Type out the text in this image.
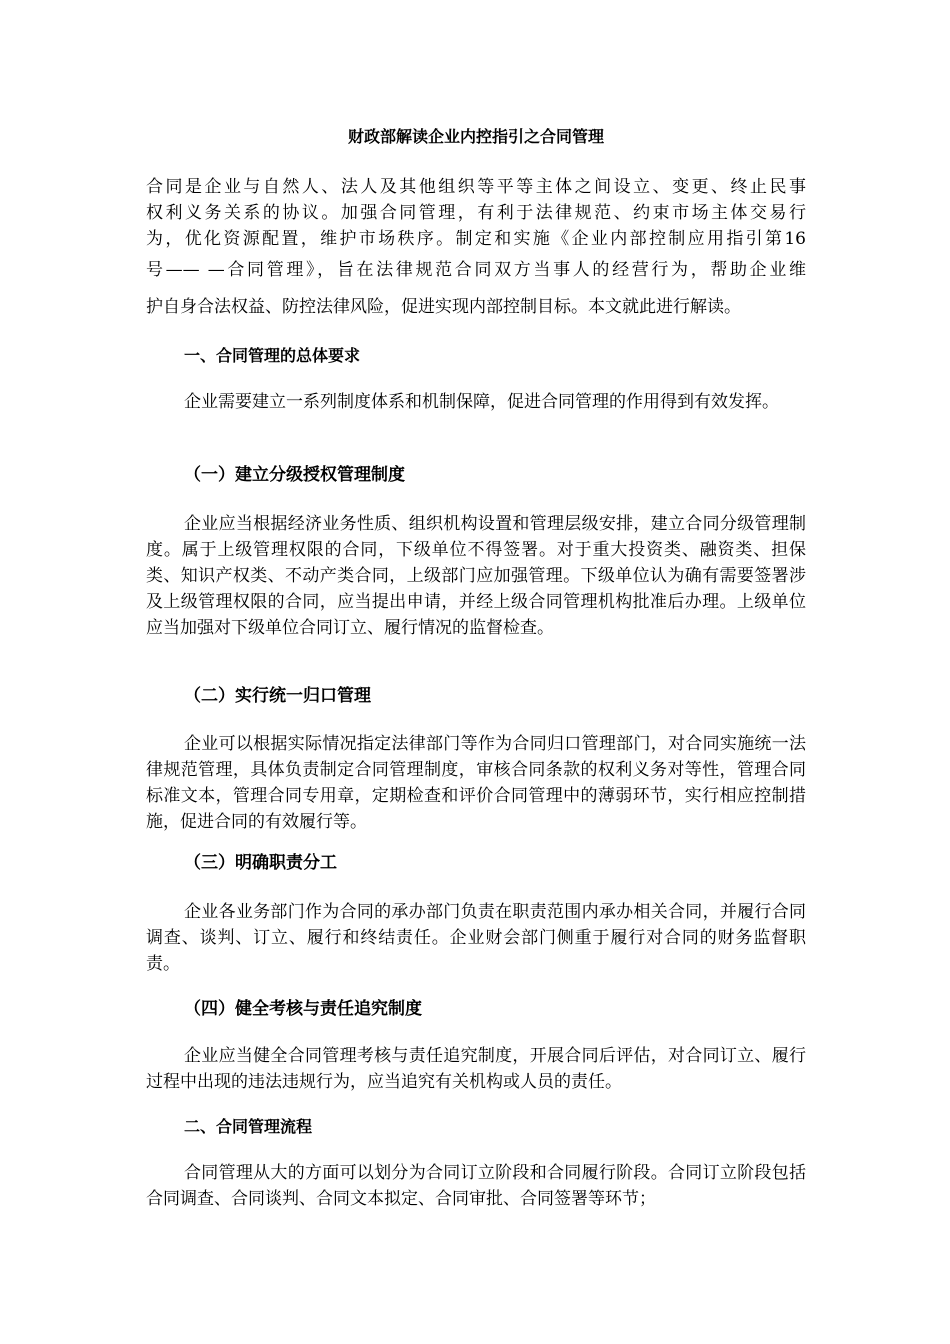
财政部解读企业内控指引之合同管理
合同是企业与自然人、法人及其他组织等平等主体之间设立、变更、终止民事
权利义务关系的协议。加强合同管理，有利于法律规范、约束市场主体交易行
为，优化资源配置，维护市场秩序。制定和实施《企业内部控制应用指引第16
号—— —合同管理》，旨在法律规范合同双方当事人的经营行为，帮助企业维
护自身合法权益、防控法律风险，促进实现内部控制目标。本文就此进行解读。
一、合同管理的总体要求

企业需要建立一系列制度体系和机制保障，促进合同管理的作用得到有效发挥。

（一）建立分级授权管理制度

企业应当根据经济业务性质、组织机构设置和管理层级安排，建立合同分级管理制度。属于上级管理权限的合同，下级单位不得签署。对于重大投资类、融资类、担保类、知识产权类、不动产类合同，上级部门应加强管理。下级单位认为确有需要签署涉及上级管理权限的合同，应当提出申请，并经上级合同管理机构批准后办理。上级单位应当加强对下级单位合同订立、履行情况的监督检查。

（二）实行统一归口管理

企业可以根据实际情况指定法律部门等作为合同归口管理部门，对合同实施统一法律规范管理，具体负责制定合同管理制度，审核合同条款的权利义务对等性，管理合同标准文本，管理合同专用章，定期检查和评价合同管理中的薄弱环节，实行相应控制措施，促进合同的有效履行等。

（三）明确职责分工

企业各业务部门作为合同的承办部门负责在职责范围内承办相关合同，并履行合同调查、谈判、订立、履行和终结责任。企业财会部门侧重于履行对合同的财务监督职责。

（四）健全考核与责任追究制度

企业应当健全合同管理考核与责任追究制度，开展合同后评估，对合同订立、履行过程中出现的违法违规行为，应当追究有关机构或人员的责任。

二、合同管理流程

合同管理从大的方面可以划分为合同订立阶段和合同履行阶段。合同订立阶段包括合同调查、合同谈判、合同文本拟定、合同审批、合同签署等环节；
